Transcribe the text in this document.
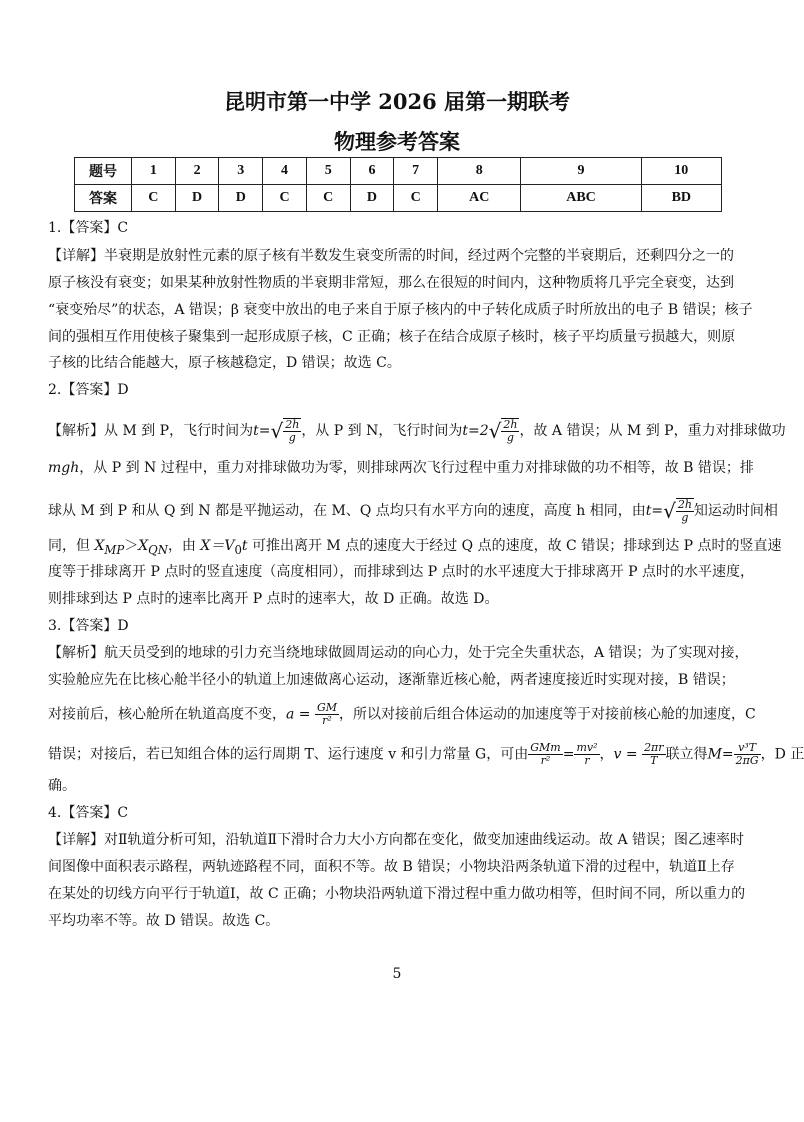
昆明市第一中学 2026 届第一期联考
物理参考答案
题号	1	2	3	4	5	6	7	8	9	10
答案	C	D	D	C	C	D	C	AC	ABC	BD
1.【答案】C
【详解】半衰期是放射性元素的原子核有半数发生衰变所需的时间，经过两个完整的半衰期后，还剩四分之一的
原子核没有衰变；如果某种放射性物质的半衰期非常短，那么在很短的时间内，这种物质将几乎完全衰变，达到
“衰变殆尽”的状态，A 错误；β 衰变中放出的电子来自于原子核内的中子转化成质子时所放出的电子 B 错误；核子
间的强相互作用使核子聚集到一起形成原子核，C 正确；核子在结合成原子核时，核子平均质量亏损越大，则原
子核的比结合能越大，原子核越稳定，D 错误；故选 C。
2.【答案】D
【解析】从 M 到 P，飞行时间为$t=√ \frac{2h}{g}$ ，从 P 到 N，飞行时间为$t=2√ \frac{2h}{g}$ ，故 A 错误；从 M 到 P，重力对排球做功
mgh，从 P 到 N 过程中，重力对排球做功为零，则排球两次飞行过程中重力对排球做的功不相等，故 B 错误；排
球从 M 到 P 和从 Q 到 N 都是平抛运动，在 M、Q 点均只有水平方向的速度，高度 h 相同，由$t=√ \frac{2h}{g}$ 知运动时间相
同，但 $X_{MP}>X_{QN}$，由 $X=V_0t$ 可推出离开 M 点的速度大于经过 Q 点的速度，故 C 错误；排球到达 P 点时的竖直速
度等于排球离开 P 点时的竖直速度（高度相同），而排球到达 P 点时的水平速度大于排球离开 P 点时的水平速度，
则排球到达 P 点时的速率比离开 P 点时的速率大，故 D 正确。故选 D。
3.【答案】D
【解析】航天员受到的地球的引力充当绕地球做圆周运动的向心力，处于完全失重状态，A 错误；为了实现对接，
实验舱应先在比核心舱半径小的轨道上加速做离心运动，逐渐靠近核心舱，两者速度接近时实现对接，B 错误；
对接前后，核心舱所在轨道高度不变，$a = \frac{GM}{\text{r²}}$ ，所以对接前后组合体运动的加速度等于对接前核心舱的加速度，C
错误；对接后，若已知组合体的运行周期 T、运行速度 v 和引力常量 G，可由 $\frac{\text{GMm}}{\text{r²}} = \frac{\text{mv²}}{r}$ ，$v = \frac{2\pi r}{T}$ 联立得$M= \frac{\text{v³T}}{2\pi G}$ ，D 正
确。
4.【答案】C
【详解】对Ⅱ轨道分析可知，沿轨道Ⅱ下滑时合力大小方向都在变化，做变加速曲线运动。故 A 错误；图乙速率时
间图像中面积表示路程，两轨迹路程不同，面积不等。故 B 错误；小物块沿两条轨道下滑的过程中，轨道Ⅱ上存
在某处的切线方向平行于轨道Ⅰ，故 C 正确；小物块沿两轨道下滑过程中重力做功相等，但时间不同，所以重力的
平均功率不等。故 D 错误。故选 C。
5
